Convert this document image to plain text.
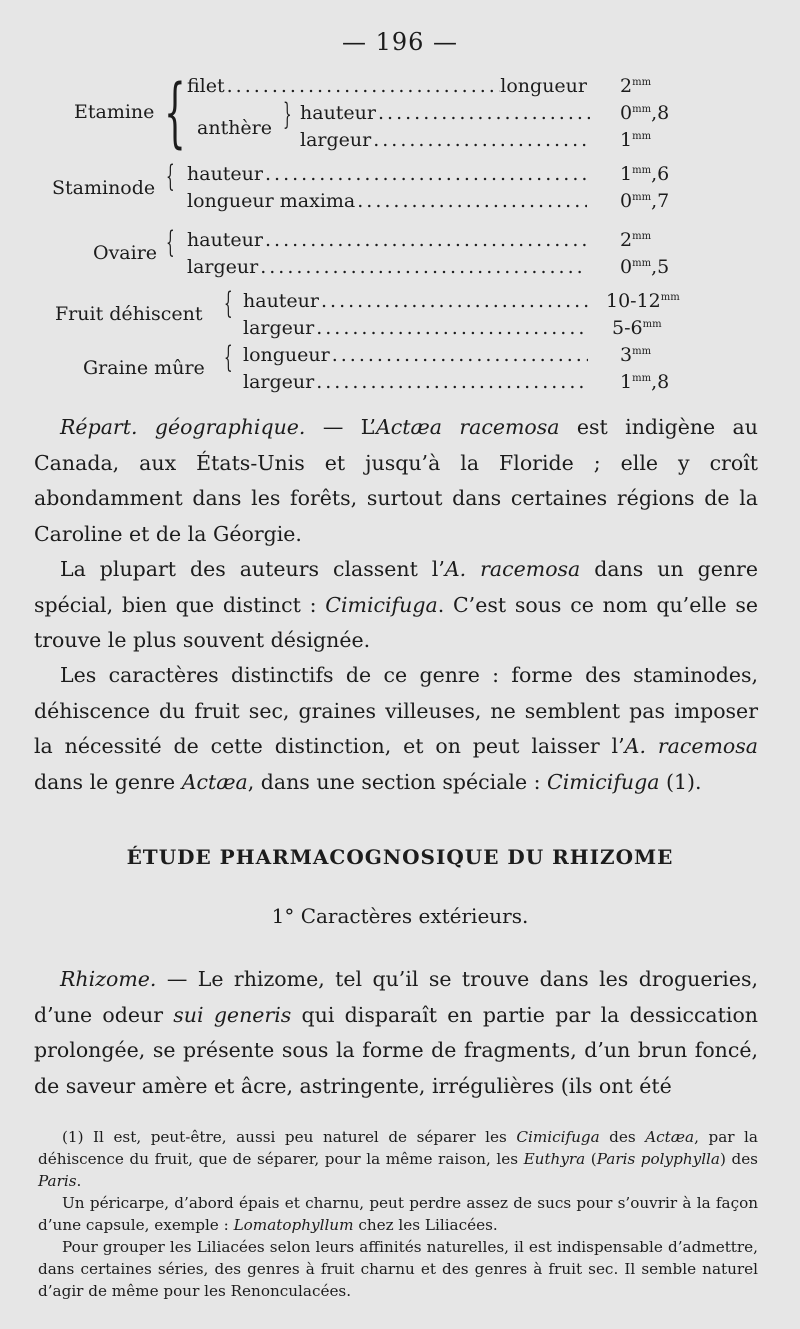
— 196 —
Etamine { filet .....	longueur $2^{mm}$
anthère } hauteur .....	$0^{mm},8$
largeur .....	$1^{mm}$
Staminode { hauteur .....	$1^{mm},6$
longueur maxima .....	$0^{mm},7$
Ovaire { hauteur .....	$2^{mm}$
largeur .....	$0^{mm},5$
Fruit déhiscent { hauteur .....	$10-12^{mm}$
largeur .....	$5-6^{mm}$
Graine mûre { longueur .....	$3^{mm}$
largeur .....	$1^{mm},8$
Répart. géographique. — L’Actæa racemosa est indigène au Canada, aux États-Unis et jusqu’à la Floride ; elle y croît abondamment dans les forêts, surtout dans certaines régions de la Caroline et de la Géorgie.
La plupart des auteurs classent l’A. racemosa dans un genre spécial, bien que distinct : Cimicifuga. C’est sous ce nom qu’elle se trouve le plus souvent désignée.
Les caractères distinctifs de ce genre : forme des staminodes, déhiscence du fruit sec, graines villeuses, ne semblent pas imposer la nécessité de cette distinction, et on peut laisser l’A. racemosa dans le genre Actæa, dans une section spéciale : Cimicifuga (1).
ÉTUDE PHARMACOGNOSIQUE DU RHIZOME
1° Caractères extérieurs.
Rhizome. — Le rhizome, tel qu’il se trouve dans les drogueries, d’une odeur sui generis qui disparaît en partie par la dessiccation prolongée, se présente sous la forme de fragments, d’un brun foncé, de saveur amère et âcre, astringente, irrégulières (ils ont été
(1) Il est, peut-être, aussi peu naturel de séparer les Cimicifuga des Actæa, par la déhiscence du fruit, que de séparer, pour la même raison, les Euthyra (Paris polyphylla) des Paris.
Un péricarpe, d’abord épais et charnu, peut perdre assez de sucs pour s’ouvrir à la façon d’une capsule, exemple : Lomatophyllum chez les Liliacées.
Pour grouper les Liliacées selon leurs affinités naturelles, il est indispensable d’admettre, dans certaines séries, des genres à fruit charnu et des genres à fruit sec. Il semble naturel d’agir de même pour les Renonculacées.
